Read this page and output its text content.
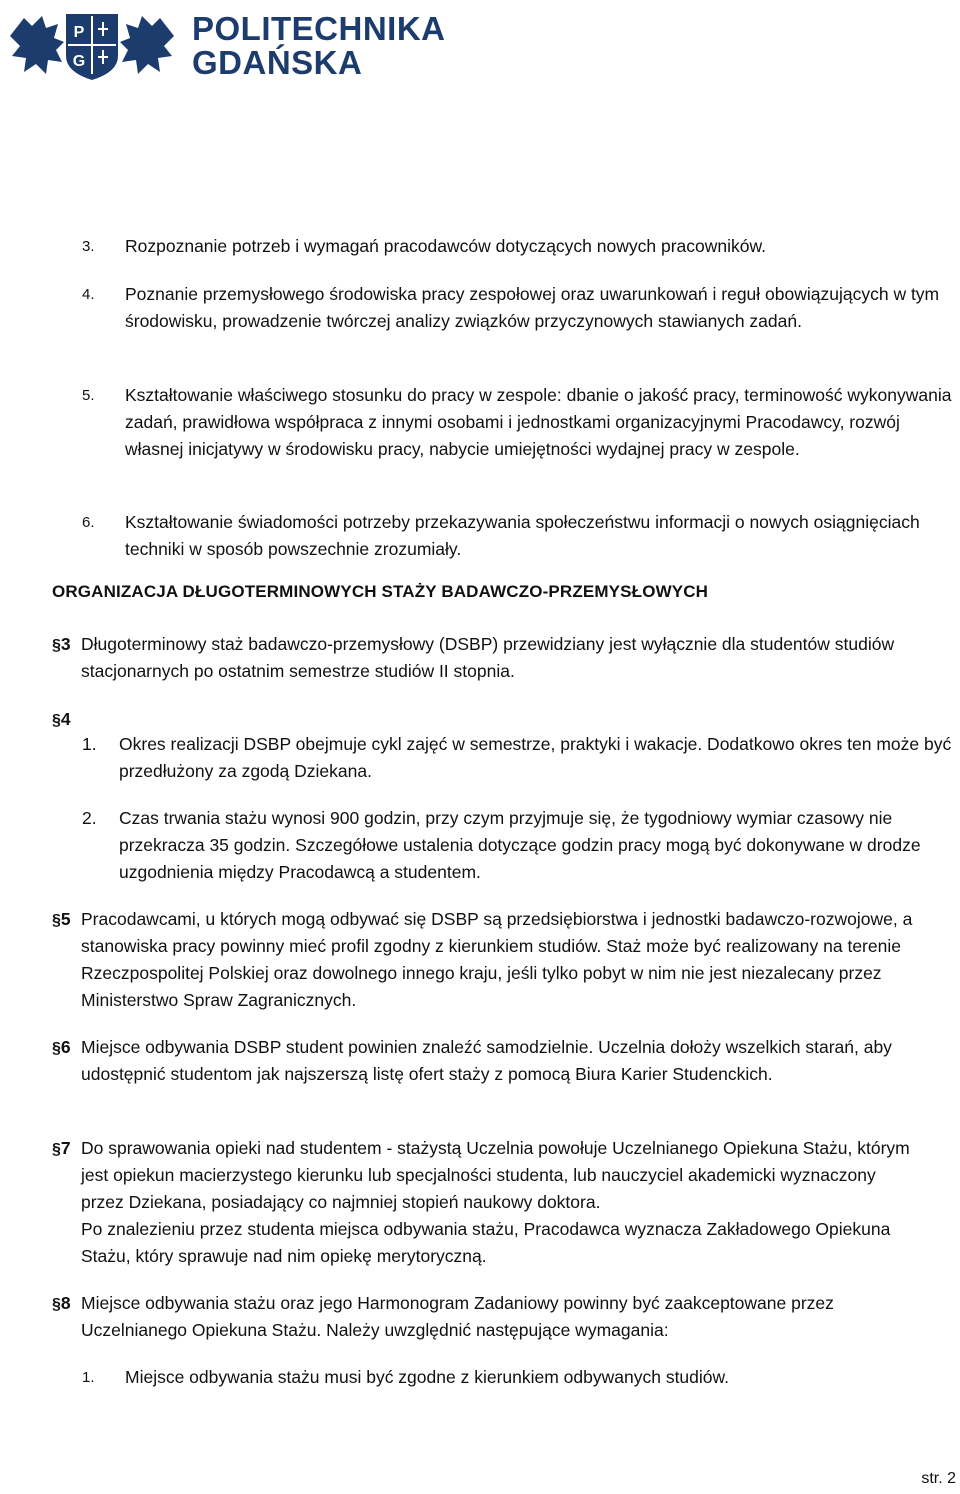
P
G
POLITECHNIKA
GDAŃSKA
3.	Rozpoznanie potrzeb i wymagań pracodawców dotyczących nowych pracowników.
4.	Poznanie przemysłowego środowiska pracy zespołowej oraz uwarunkowań i reguł obowiązujących w tym środowisku, prowadzenie twórczej analizy związków przyczynowych stawianych zadań.
5.	Kształtowanie właściwego stosunku do pracy w zespole: dbanie o jakość pracy, terminowość wykonywania zadań, prawidłowa współpraca z innymi osobami i jednostkami organizacyjnymi Pracodawcy, rozwój własnej inicjatywy w środowisku pracy, nabycie umiejętności wydajnej pracy w zespole.
6.	Kształtowanie świadomości potrzeby przekazywania społeczeństwu informacji o nowych osiągnięciach techniki w sposób powszechnie zrozumiały.
ORGANIZACJA DŁUGOTERMINOWYCH STAŻY BADAWCZO-PRZEMYSŁOWYCH
§3 Długoterminowy staż badawczo-przemysłowy (DSBP) przewidziany jest wyłącznie dla studentów studiów stacjonarnych po ostatnim semestrze studiów II stopnia.
§4
1.	Okres realizacji DSBP obejmuje cykl zajęć w semestrze, praktyki i wakacje. Dodatkowo okres ten może być przedłużony za zgodą Dziekana.
2.	Czas trwania stażu wynosi 900 godzin, przy czym przyjmuje się, że tygodniowy wymiar czasowy nie przekracza 35 godzin. Szczegółowe ustalenia dotyczące godzin pracy mogą być dokonywane w drodze uzgodnienia między Pracodawcą a studentem.
§5 Pracodawcami, u których mogą odbywać się DSBP są przedsiębiorstwa i jednostki badawczo-rozwojowe, a stanowiska pracy powinny mieć profil zgodny z kierunkiem studiów. Staż może być realizowany na terenie Rzeczpospolitej Polskiej oraz dowolnego innego kraju, jeśli tylko pobyt w nim nie jest niezalecany przez Ministerstwo Spraw Zagranicznych.
§6 Miejsce odbywania DSBP student powinien znaleźć samodzielnie. Uczelnia dołoży wszelkich starań, aby udostępnić studentom jak najszerszą listę ofert staży z pomocą Biura Karier Studenckich.
§7 Do sprawowania opieki nad studentem - stażystą Uczelnia powołuje Uczelnianego Opiekuna Stażu, którym jest opiekun macierzystego kierunku lub specjalności studenta, lub nauczyciel akademicki wyznaczony przez Dziekana, posiadający co najmniej stopień naukowy doktora.
Po znalezieniu przez studenta miejsca odbywania stażu, Pracodawca wyznacza Zakładowego Opiekuna Stażu, który sprawuje nad nim opiekę merytoryczną.
§8 Miejsce odbywania stażu oraz jego Harmonogram Zadaniowy powinny być zaakceptowane przez Uczelnianego Opiekuna Stażu. Należy uwzględnić następujące wymagania:
1.	Miejsce odbywania stażu musi być zgodne z kierunkiem odbywanych studiów.
str. 2
